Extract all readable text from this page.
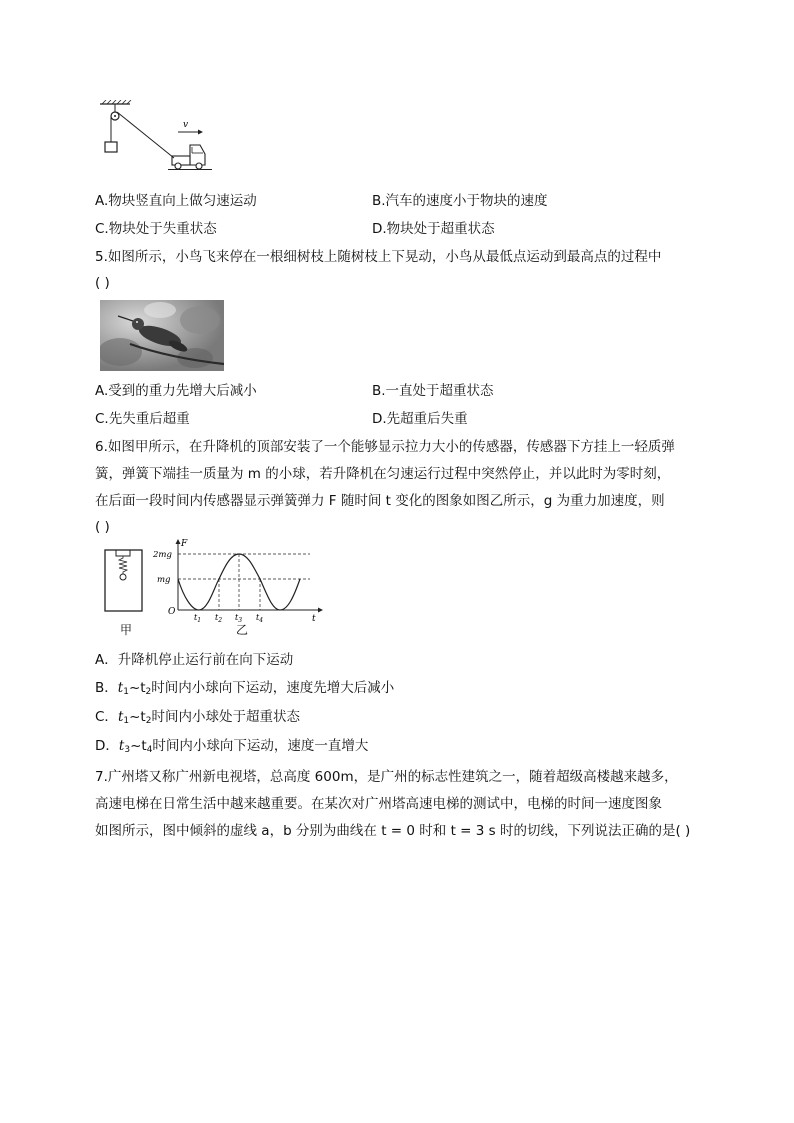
v
A.物块竖直向上做匀速运动	B.汽车的速度小于物块的速度
C.物块处于失重状态	D.物块处于超重状态
5.如图所示，小鸟飞来停在一根细树枝上随树枝上下晃动，小鸟从最低点运动到最高点的过程中
( )
A.受到的重力先增大后减小	B.一直处于超重状态
C.先失重后超重	D.先超重后失重
6.如图甲所示，在升降机的顶部安装了一个能够显示拉力大小的传感器，传感器下方挂上一轻质弹
簧，弹簧下端挂一质量为 m 的小球，若升降机在匀速运行过程中突然停止，并以此时为零时刻，
在后面一段时间内传感器显示弹簧弹力 F 随时间 t 变化的图象如图乙所示，g 为重力加速度，则
( )
甲
F
t
O
2mg
mg
$t_1$ $t_2$ $t_3$ $t_4$
乙
A．升降机停止运行前在向下运动
B．$t_1\sim t_2$时间内小球向下运动，速度先增大后减小
C．$t_1\sim t_2$时间内小球处于超重状态
D．$t_3\sim t_4$时间内小球向下运动，速度一直增大
7.广州塔又称广州新电视塔，总高度 600m，是广州的标志性建筑之一，随着超级高楼越来越多，
高速电梯在日常生活中越来越重要。在某次对广州塔高速电梯的测试中，电梯的时间一速度图象
如图所示，图中倾斜的虚线 a，b 分别为曲线在 t = 0 时和 t = 3 s 时的切线，下列说法正确的是( )
